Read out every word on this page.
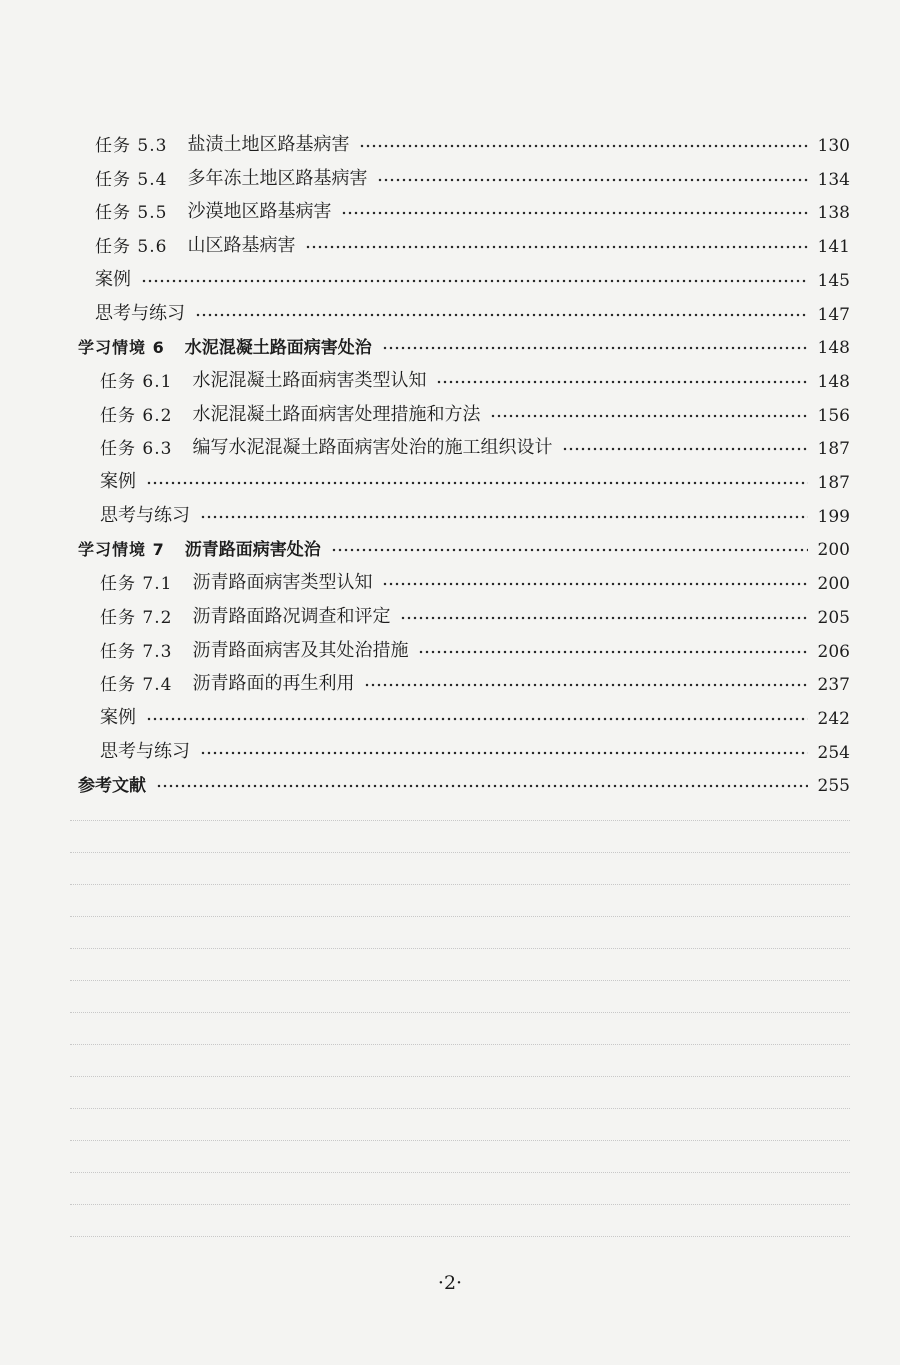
任务 5.3 盐渍土地区路基病害	130
任务 5.4 多年冻土地区路基病害	134
任务 5.5 沙漠地区路基病害	138
任务 5.6 山区路基病害	141
案例	145
思考与练习	147
学习情境 6 水泥混凝土路面病害处治	148
任务 6.1 水泥混凝土路面病害类型认知	148
任务 6.2 水泥混凝土路面病害处理措施和方法	156
任务 6.3 编写水泥混凝土路面病害处治的施工组织设计	187
案例	187
思考与练习	199
学习情境 7 沥青路面病害处治	200
任务 7.1 沥青路面病害类型认知	200
任务 7.2 沥青路面路况调查和评定	205
任务 7.3 沥青路面病害及其处治措施	206
任务 7.4 沥青路面的再生利用	237
案例	242
思考与练习	254
参考文献	255
·2·
